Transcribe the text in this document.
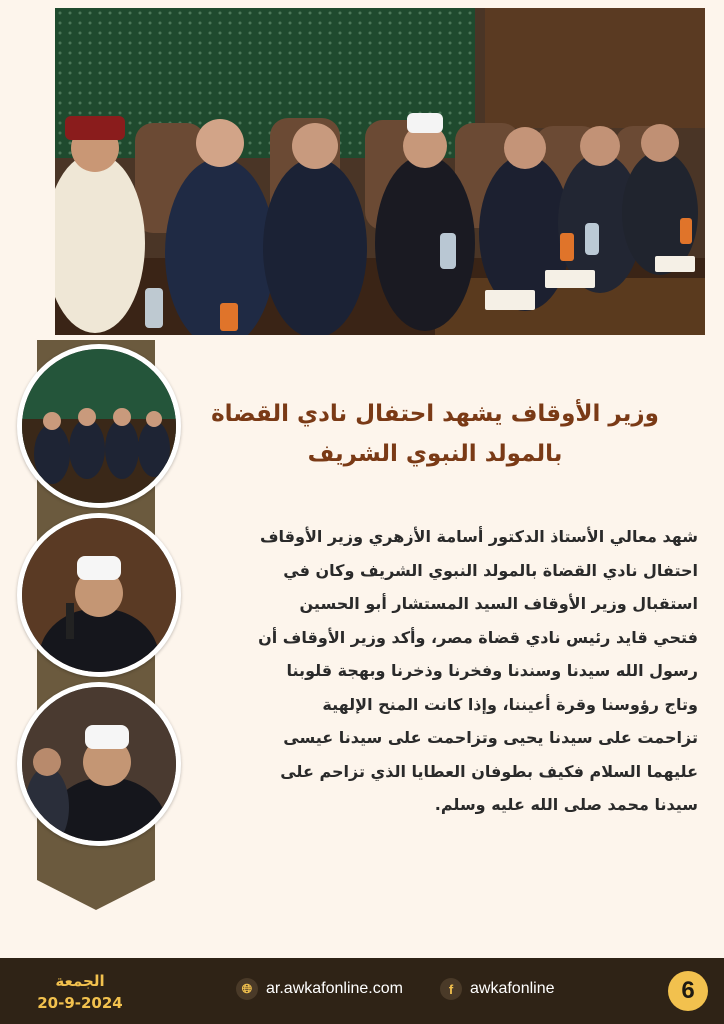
وزير الأوقاف يشهد احتفال نادي القضاة
بالمولد النبوي الشريف
شهد معالي الأستاذ الدكتور أسامة الأزهري وزير الأوقاف
احتفال نادي القضاة بالمولد النبوي الشريف وكان في
استقبال وزير الأوقاف السيد المستشار أبو الحسين
فتحي قايد رئيس نادي قضاة مصر، وأكد وزير الأوقاف أن
رسول الله سيدنا وسندنا وفخرنا وذخرنا وبهجة قلوبنا
وتاج رؤوسنا وقرة أعيننا، وإذا كانت المنح الإلهية
تزاحمت على سيدنا يحيى وتزاحمت على سيدنا عيسى
عليهما السلام فكيف بطوفان العطايا الذي تزاحم على
سيدنا محمد صلى الله عليه وسلم.
الجمعة
20-9-2024
🌐︎ ar.awkafonline.com	f	awkafonline	6
